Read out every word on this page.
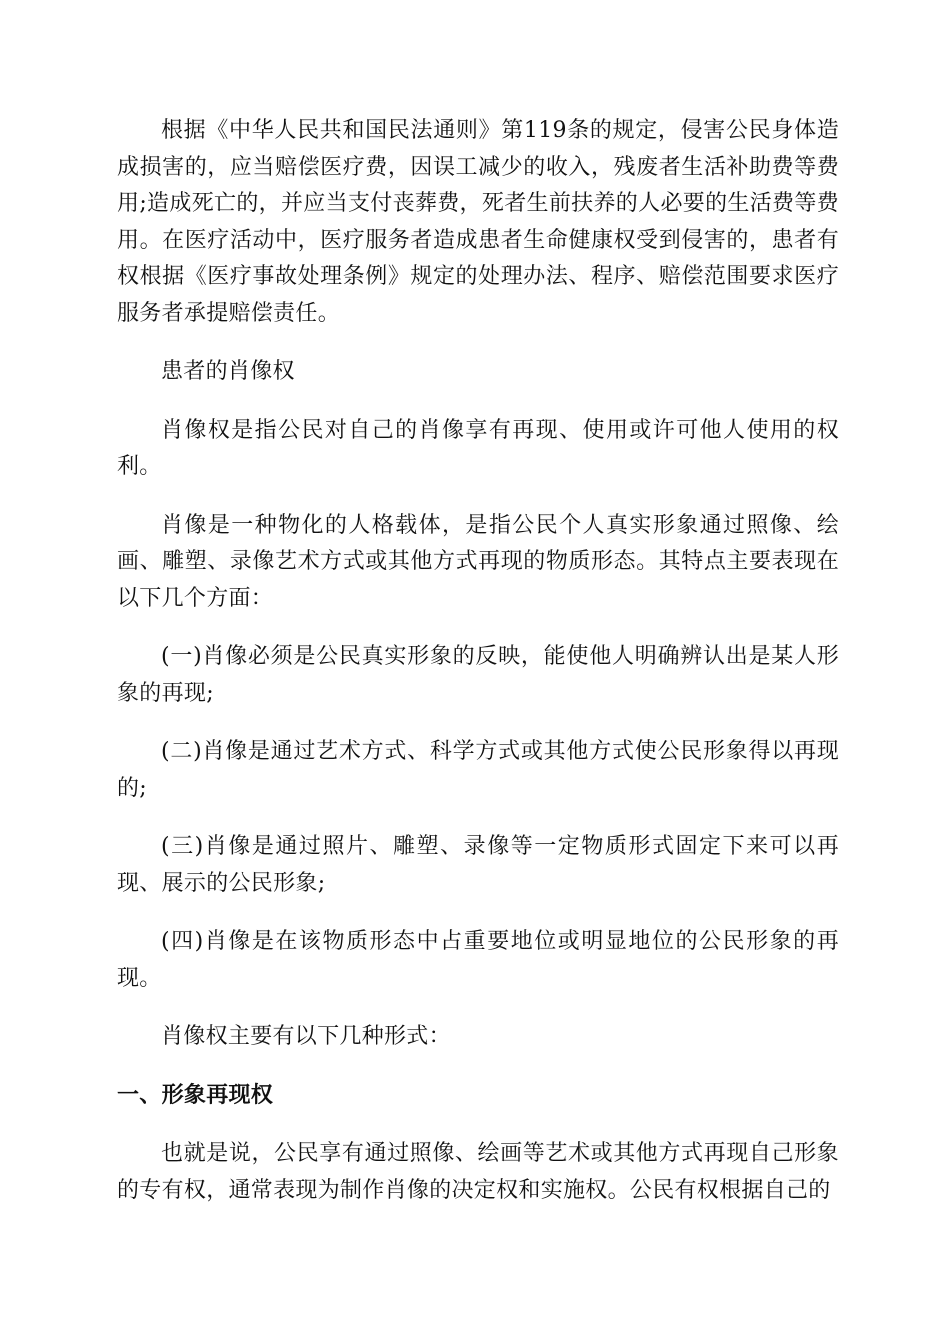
根据《中华人民共和国民法通则》第119条的规定，侵害公民身体造成损害的，应当赔偿医疗费，因误工减少的收入，残废者生活补助费等费用;造成死亡的，并应当支付丧葬费，死者生前扶养的人必要的生活费等费用。在医疗活动中，医疗服务者造成患者生命健康权受到侵害的，患者有权根据《医疗事故处理条例》规定的处理办法、程序、赔偿范围要求医疗服务者承提赔偿责任。

患者的肖像权

肖像权是指公民对自己的肖像享有再现、使用或许可他人使用的权利。

肖像是一种物化的人格载体，是指公民个人真实形象通过照像、绘画、雕塑、录像艺术方式或其他方式再现的物质形态。其特点主要表现在以下几个方面：

(一)肖像必须是公民真实形象的反映，能使他人明确辨认出是某人形象的再现;

(二)肖像是通过艺术方式、科学方式或其他方式使公民形象得以再现的;

(三)肖像是通过照片、雕塑、录像等一定物质形式固定下来可以再现、展示的公民形象;

(四)肖像是在该物质形态中占重要地位或明显地位的公民形象的再现。

肖像权主要有以下几种形式：

一、形象再现权

也就是说，公民享有通过照像、绘画等艺术或其他方式再现自己形象的专有权，通常表现为制作肖像的决定权和实施权。公民有权根据自己的
